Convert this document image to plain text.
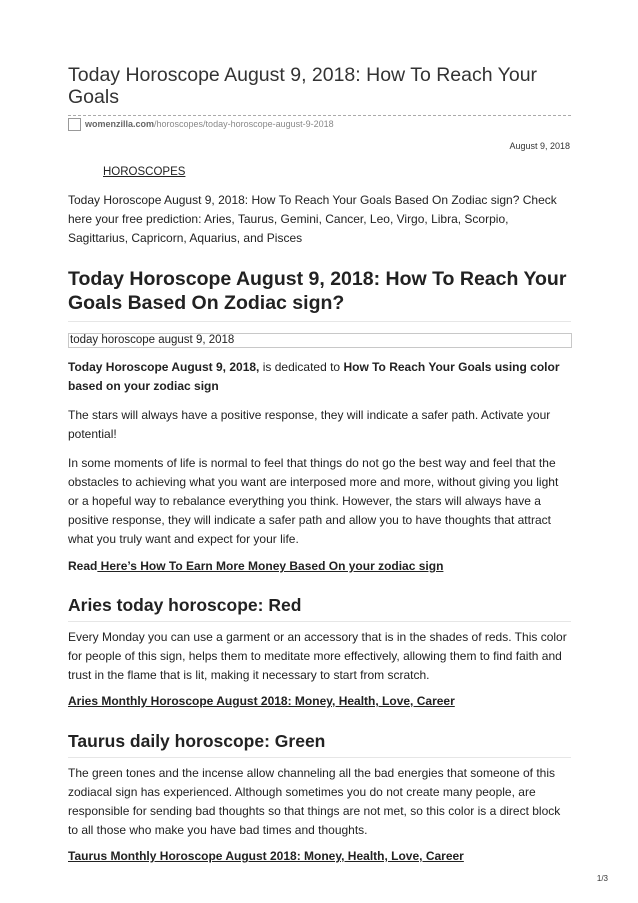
Today Horoscope August 9, 2018: How To Reach Your Goals
womenzilla.com/horoscopes/today-horoscope-august-9-2018
August 9, 2018
HOROSCOPES

Today Horoscope August 9, 2018: How To Reach Your Goals Based On Zodiac sign? Check here your free prediction: Aries, Taurus, Gemini, Cancer, Leo, Virgo, Libra, Scorpio, Sagittarius, Capricorn, Aquarius, and Pisces

Today Horoscope August 9, 2018: How To Reach Your Goals Based On Zodiac sign?
today horoscope august 9, 2018

Today Horoscope August 9, 2018, is dedicated to How To Reach Your Goals using color based on your zodiac sign

The stars will always have a positive response, they will indicate a safer path. Activate your potential!

In some moments of life is normal to feel that things do not go the best way and feel that the obstacles to achieving what you want are interposed more and more, without giving you light or a hopeful way to rebalance everything you think. However, the stars will always have a positive response, they will indicate a safer path and allow you to have thoughts that attract what you truly want and expect for your life.

Read Here’s How To Earn More Money Based On your zodiac sign

Aries today horoscope: Red

Every Monday you can use a garment or an accessory that is in the shades of reds. This color for people of this sign, helps them to meditate more effectively, allowing them to find faith and trust in the flame that is lit, making it necessary to start from scratch.

Aries Monthly Horoscope August 2018: Money, Health, Love, Career

Taurus daily horoscope: Green

The green tones and the incense allow channeling all the bad energies that someone of this zodiacal sign has experienced. Although sometimes you do not create many people, are responsible for sending bad thoughts so that things are not met, so this color is a direct block to all those who make you have bad times and thoughts.

Taurus Monthly Horoscope August 2018: Money, Health, Love, Career

1/3
